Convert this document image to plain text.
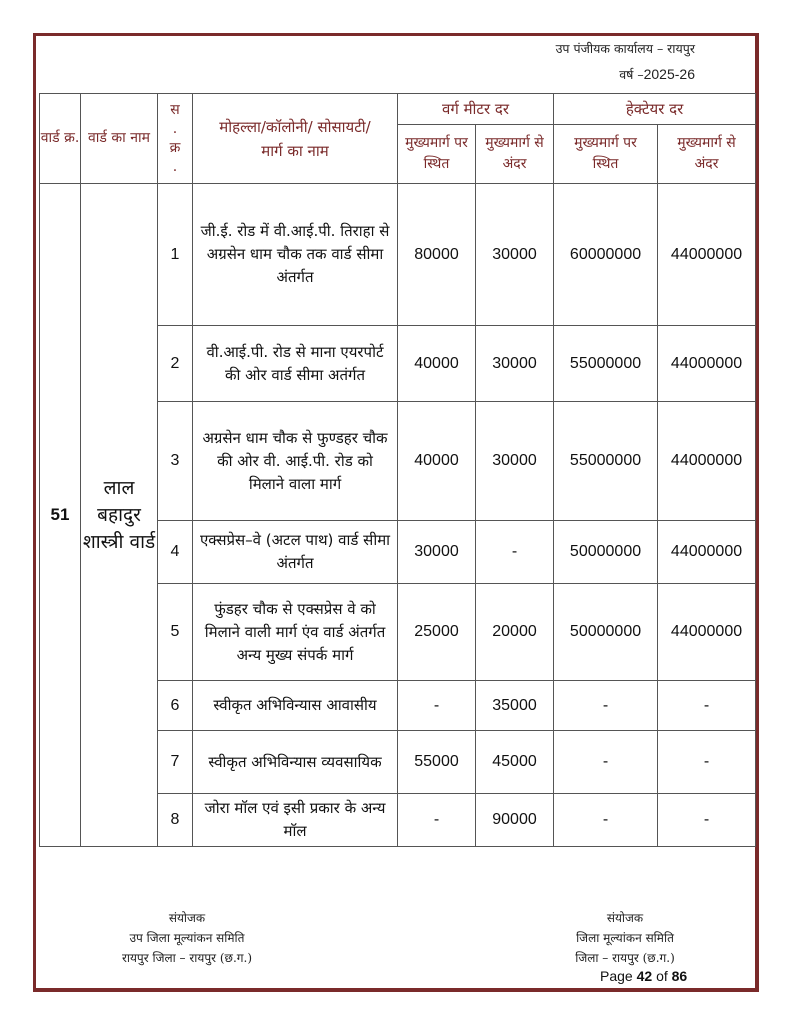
उप पंजीयक कार्यालय – रायपुर
वर्ष –2025-26
वार्ड क्र.	वार्ड का नाम	स
.
क्र
.	मोहल्ला/कॉलोनी/ सोसायटी/मार्ग का नाम	वर्ग मीटर दर		हेक्टेयर दर	
				मुख्यमार्ग पर स्थित	मुख्यमार्ग से अंदर	मुख्यमार्ग पर स्थित	मुख्यमार्ग से अंदर
51	लाल बहादुर शास्त्री वार्ड	1	जी.ई. रोड में वी.आई.पी. तिराहा से अग्रसेन धाम चौक तक वार्ड सीमा अंतर्गत	80000	30000	60000000	44000000
		2	वी.आई.पी. रोड से माना एयरपोर्ट की ओर वार्ड सीमा अतंर्गत	40000	30000	55000000	44000000
		3	अग्रसेन धाम चौक से फुण्डहर चौक की ओर वी. आई.पी. रोड को मिलाने वाला मार्ग	40000	30000	55000000	44000000
		4	एक्सप्रेस–वे (अटल पाथ) वार्ड सीमा अंतर्गत	30000	-	50000000	44000000
		5	फुंडहर चौक से एक्सप्रेस वे को मिलाने वाली मार्ग एंव वार्ड अंतर्गत अन्य मुख्य संपर्क मार्ग	25000	20000	50000000	44000000
		6	स्वीकृत अभिविन्यास आवासीय	-	35000	-	-
		7	स्वीकृत अभिविन्यास व्यवसायिक	55000	45000	-	-
		8	जोरा मॉल एवं इसी प्रकार के अन्य मॉल	-	90000	-	-
संयोजक
उप जिला मूल्यांकन समिति
रायपुर जिला – रायपुर (छ.ग.)
संयोजक
जिला मूल्यांकन समिति
जिला – रायपुर (छ.ग.)
Page 42 of 86
